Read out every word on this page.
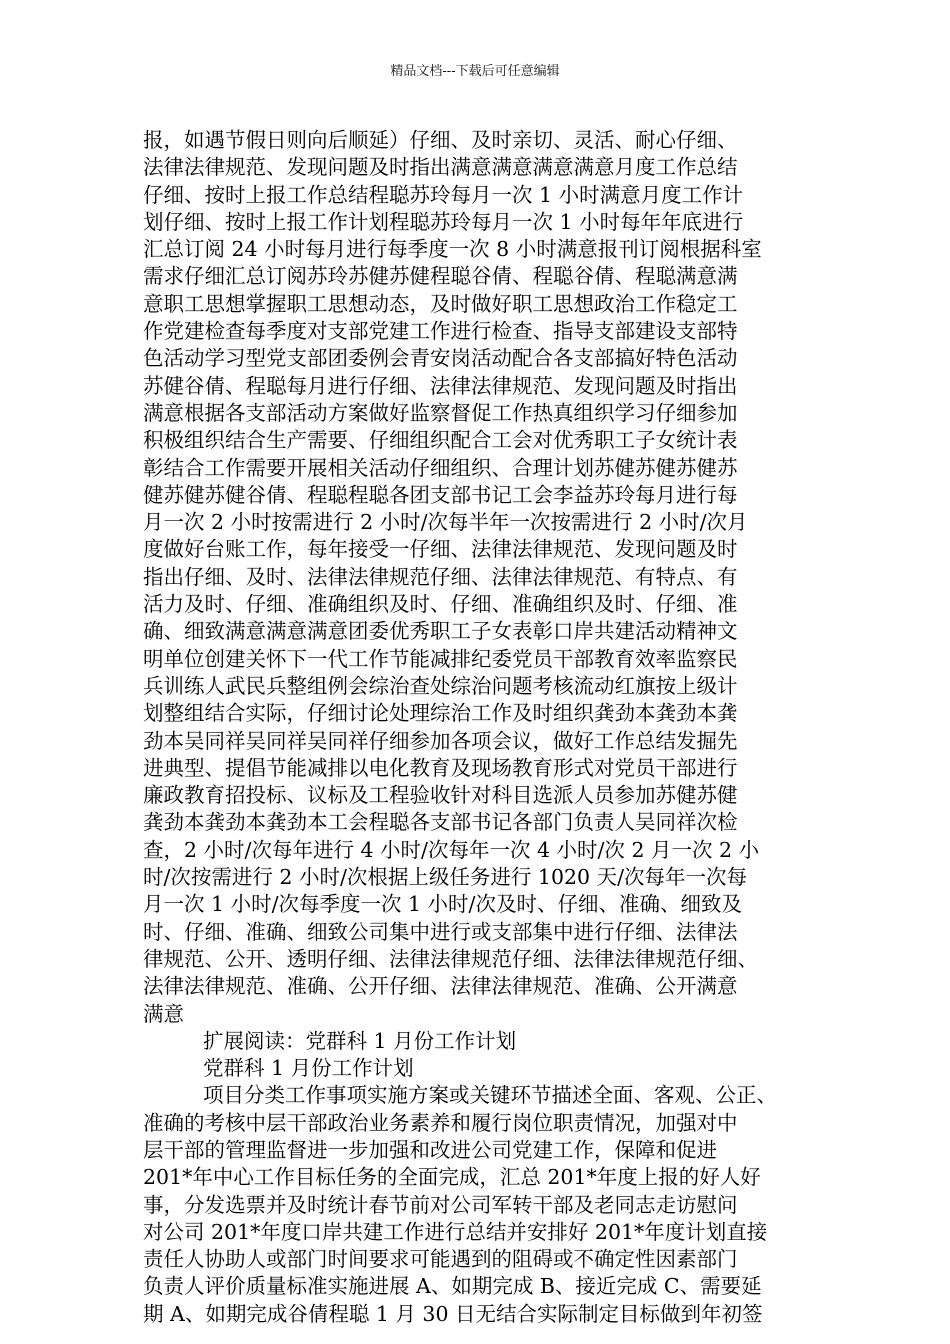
精品文档---下载后可任意编辑
报，如遇节假日则向后顺延）仔细、及时亲切、灵活、耐心仔细、
法律法律规范、发现问题及时指出满意满意满意满意月度工作总结
仔细、按时上报工作总结程聪苏玲每月一次 1 小时满意月度工作计
划仔细、按时上报工作计划程聪苏玲每月一次 1 小时每年年底进行
汇总订阅 24 小时每月进行每季度一次 8 小时满意报刊订阅根据科室
需求仔细汇总订阅苏玲苏健苏健程聪谷倩、程聪谷倩、程聪满意满
意职工思想掌握职工思想动态，及时做好职工思想政治工作稳定工
作党建检查每季度对支部党建工作进行检查、指导支部建设支部特
色活动学习型党支部团委例会青安岗活动配合各支部搞好特色活动
苏健谷倩、程聪每月进行仔细、法律法律规范、发现问题及时指出
满意根据各支部活动方案做好监察督促工作热真组织学习仔细参加
积极组织结合生产需要、仔细组织配合工会对优秀职工子女统计表
彰结合工作需要开展相关活动仔细组织、合理计划苏健苏健苏健苏
健苏健苏健谷倩、程聪程聪各团支部书记工会李益苏玲每月进行每
月一次 2 小时按需进行 2 小时/次每半年一次按需进行 2 小时/次月
度做好台账工作，每年接受一仔细、法律法律规范、发现问题及时
指出仔细、及时、法律法律规范仔细、法律法律规范、有特点、有
活力及时、仔细、准确组织及时、仔细、准确组织及时、仔细、准
确、细致满意满意满意团委优秀职工子女表彰口岸共建活动精神文
明单位创建关怀下一代工作节能减排纪委党员干部教育效率监察民
兵训练人武民兵整组例会综治查处综治问题考核流动红旗按上级计
划整组结合实际，仔细讨论处理综治工作及时组织龚劲本龚劲本龚
劲本吴同祥吴同祥吴同祥仔细参加各项会议，做好工作总结发掘先
进典型、提倡节能减排以电化教育及现场教育形式对党员干部进行
廉政教育招投标、议标及工程验收针对科目选派人员参加苏健苏健
龚劲本龚劲本龚劲本工会程聪各支部书记各部门负责人吴同祥次检
查，2 小时/次每年进行 4 小时/次每年一次 4 小时/次 2 月一次 2 小
时/次按需进行 2 小时/次根据上级任务进行 1020 天/次每年一次每
月一次 1 小时/次每季度一次 1 小时/次及时、仔细、准确、细致及
时、仔细、准确、细致公司集中进行或支部集中进行仔细、法律法
律规范、公开、透明仔细、法律法律规范仔细、法律法律规范仔细、
法律法律规范、准确、公开仔细、法律法律规范、准确、公开满意
满意
扩展阅读：党群科 1 月份工作计划
党群科 1 月份工作计划
项目分类工作事项实施方案或关键环节描述全面、客观、公正、
准确的考核中层干部政治业务素养和履行岗位职责情况，加强对中
层干部的管理监督进一步加强和改进公司党建工作，保障和促进
201*年中心工作目标任务的全面完成，汇总 201*年度上报的好人好
事，分发选票并及时统计春节前对公司军转干部及老同志走访慰问
对公司 201*年度口岸共建工作进行总结并安排好 201*年度计划直接
责任人协助人或部门时间要求可能遇到的阻碍或不确定性因素部门
负责人评价质量标准实施进展 A、如期完成 B、接近完成 C、需要延
期 A、如期完成谷倩程聪 1 月 30 日无结合实际制定目标做到年初签
